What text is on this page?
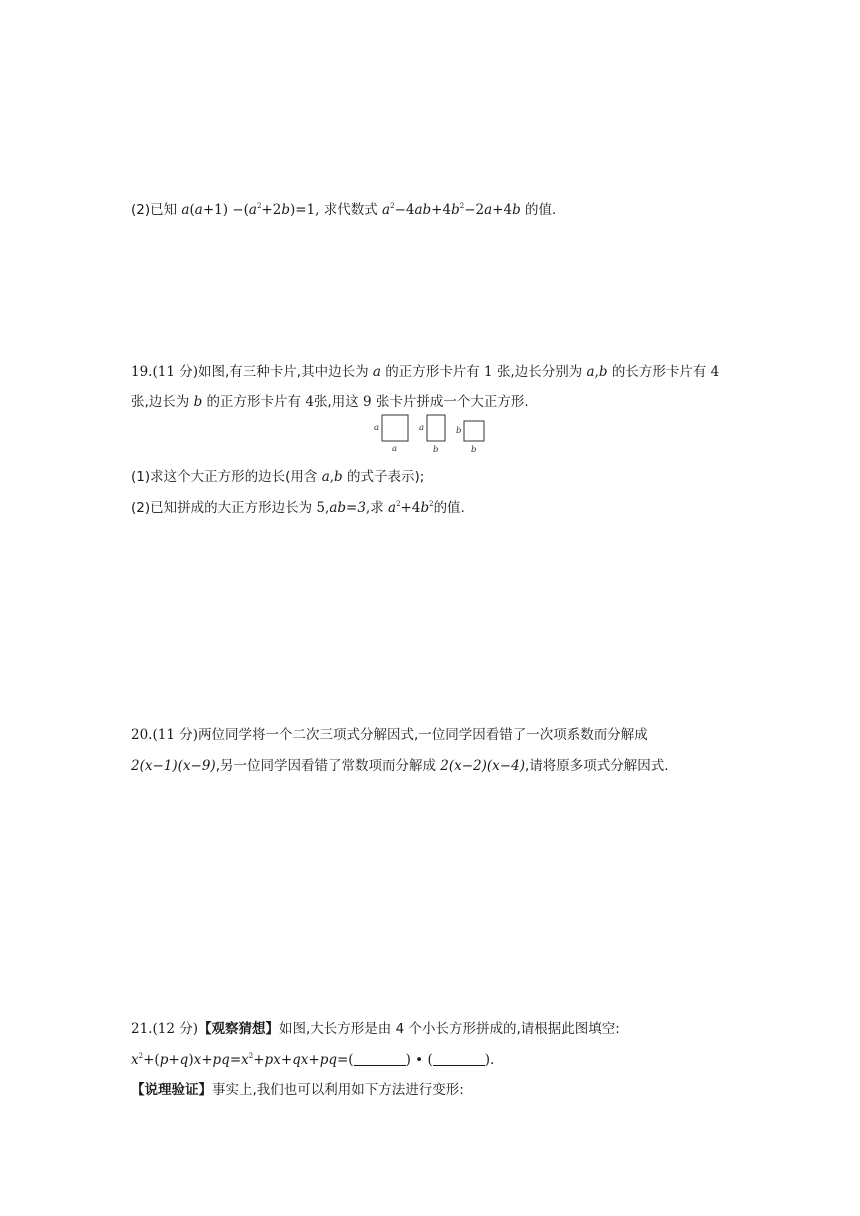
(2)已知 $a(a+1) -(a^2+2b)=1$, 求代数式 $a^2-4ab+4b^2-2a+4b$ 的值.
19.(11 分)如图,有三种卡片,其中边长为 a 的正方形卡片有 1 张,边长分别为 a,b 的长方形卡片有 4
张,边长为 b 的正方形卡片有 4张,用这 9 张卡片拼成一个大正方形.
a
a
a
b
b
b
(1)求这个大正方形的边长(用含 a,b 的式子表示);
(2)已知拼成的大正方形边长为 5,ab=3,求 $a^2+4b^2$的值.
20.(11 分)两位同学将一个二次三项式分解因式,一位同学因看错了一次项系数而分解成
2(x−1)(x−9),另一位同学因看错了常数项而分解成 2(x−2)(x−4),请将原多项式分解因式.
21.(12 分)【观察猜想】如图,大长方形是由 4 个小长方形拼成的,请根据此图填空:
$x^2+(p+q)x+pq=x^2+px+qx+pq=$(	) • (	).
【说理验证】事实上,我们也可以利用如下方法进行变形:
